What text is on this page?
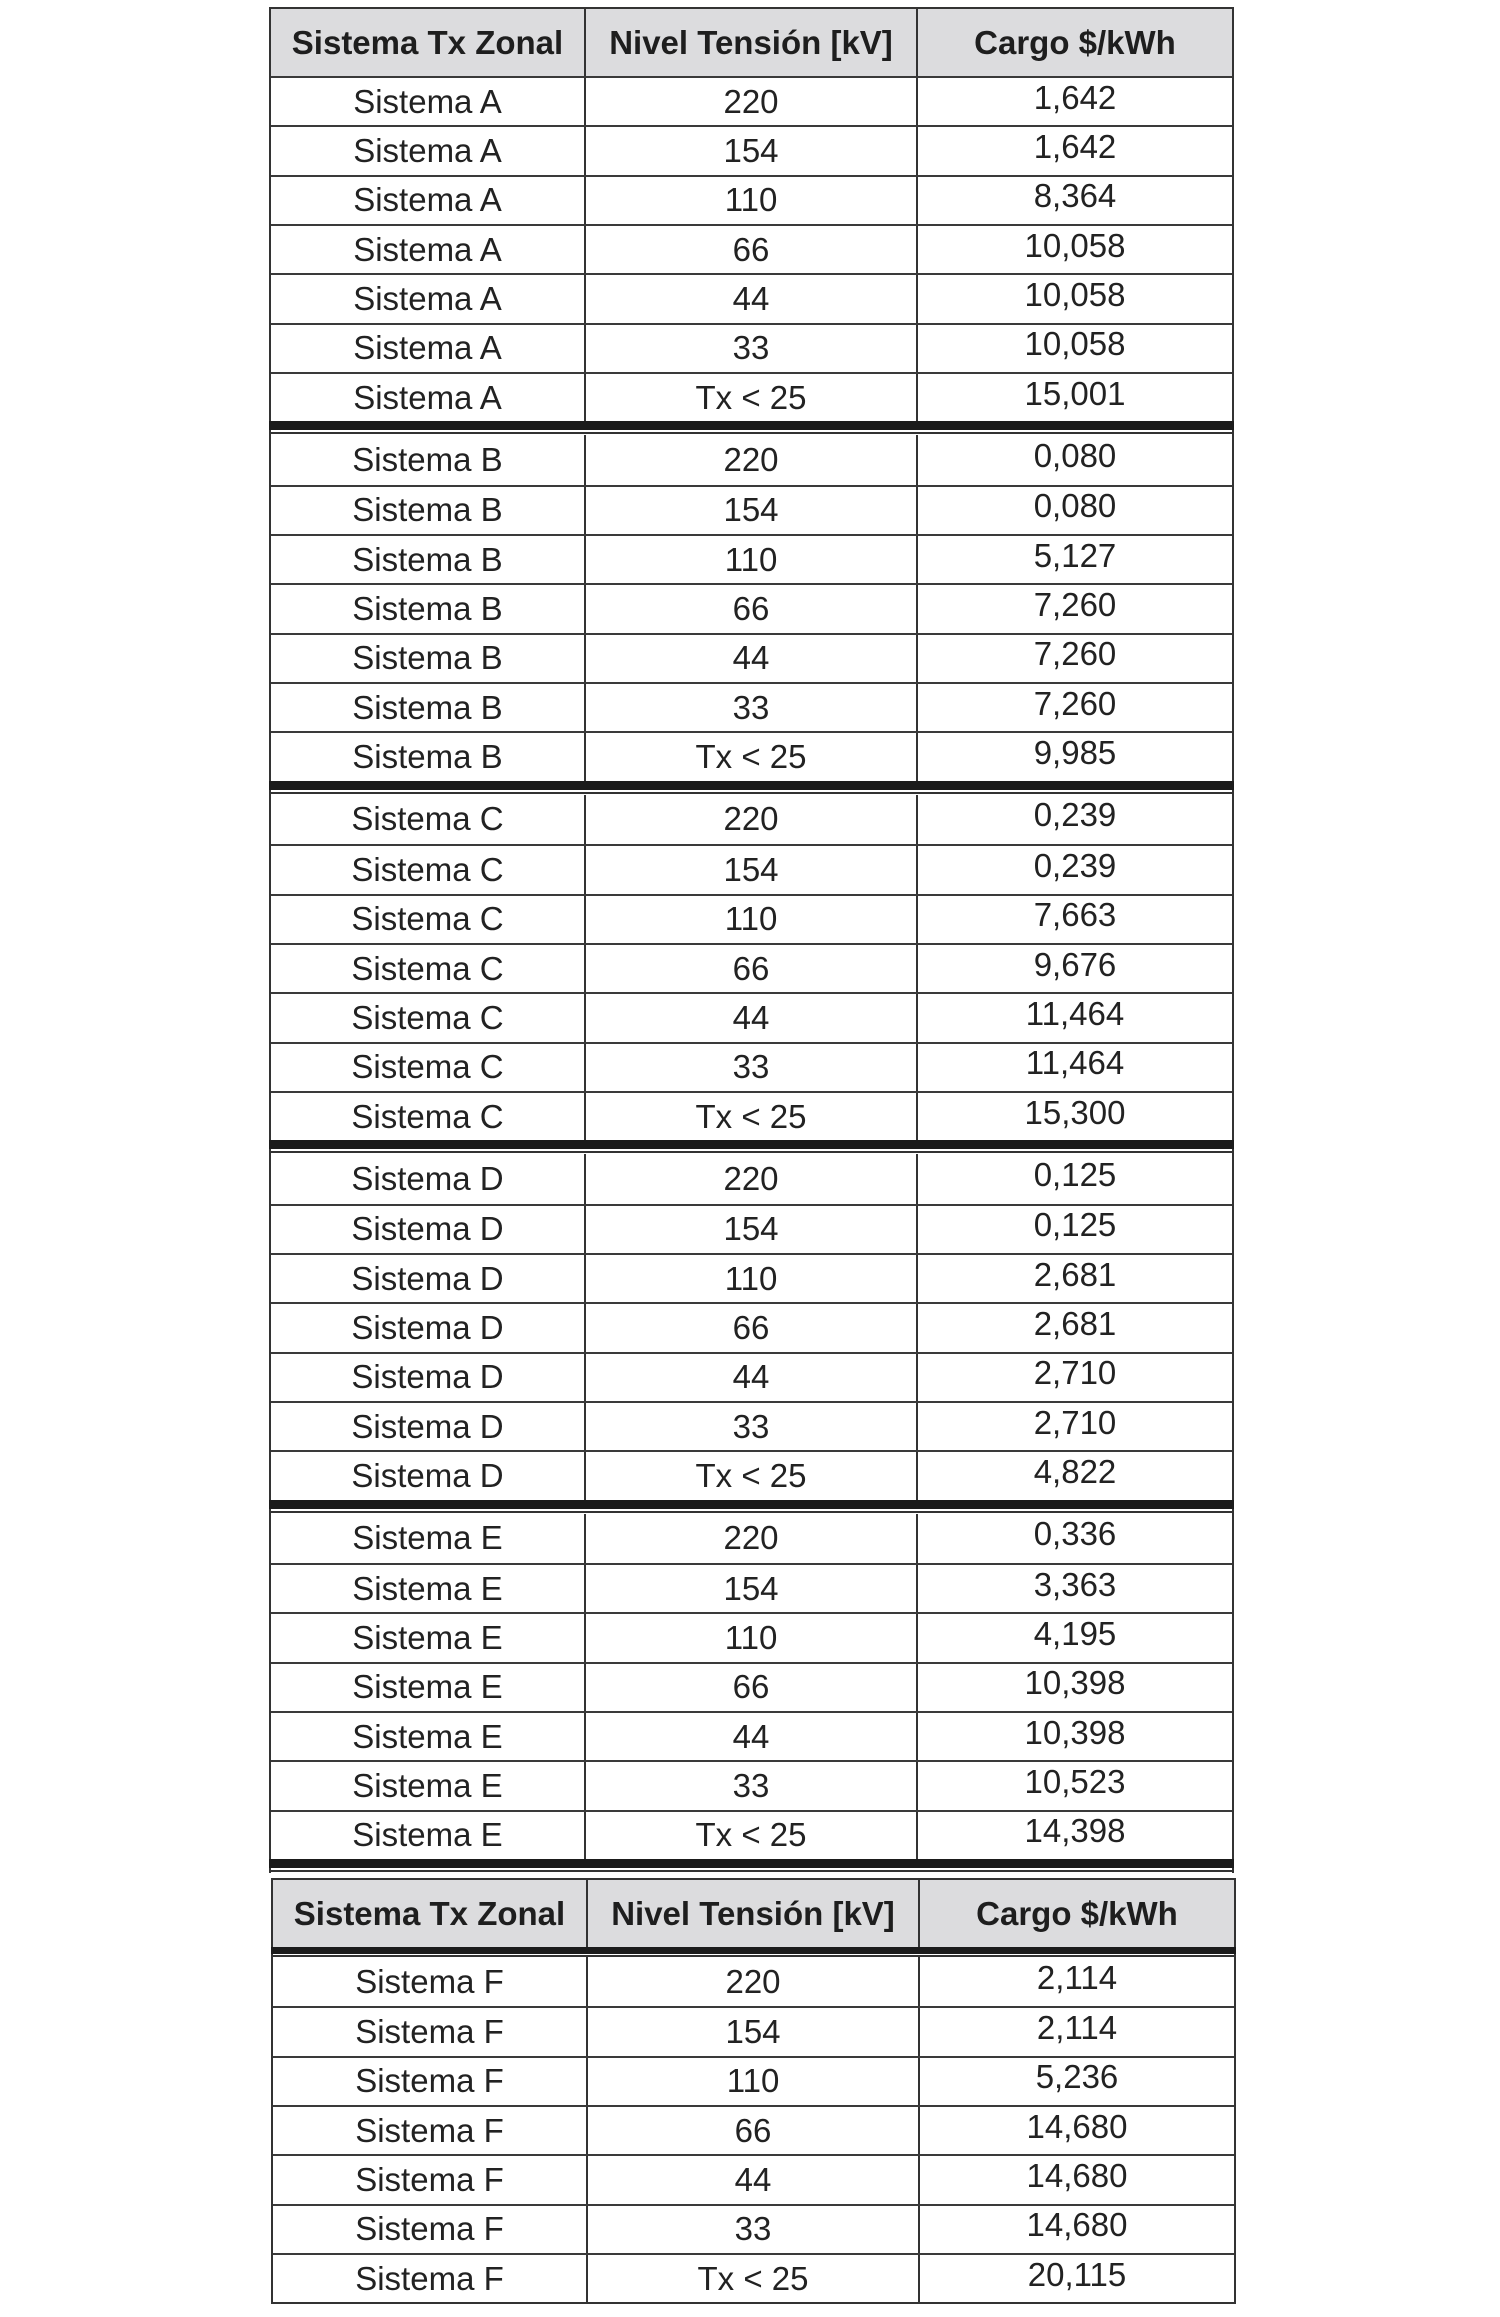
Sistema Tx Zonal	Nivel Tensión [kV]	Cargo $/kWh
Sistema A	220	1,642
Sistema A	154	1,642
Sistema A	110	8,364
Sistema A	66	10,058
Sistema A	44	10,058
Sistema A	33	10,058
Sistema A	Tx < 25	15,001
Sistema B	220	0,080
Sistema B	154	0,080
Sistema B	110	5,127
Sistema B	66	7,260
Sistema B	44	7,260
Sistema B	33	7,260
Sistema B	Tx < 25	9,985
Sistema C	220	0,239
Sistema C	154	0,239
Sistema C	110	7,663
Sistema C	66	9,676
Sistema C	44	11,464
Sistema C	33	11,464
Sistema C	Tx < 25	15,300
Sistema D	220	0,125
Sistema D	154	0,125
Sistema D	110	2,681
Sistema D	66	2,681
Sistema D	44	2,710
Sistema D	33	2,710
Sistema D	Tx < 25	4,822
Sistema E	220	0,336
Sistema E	154	3,363
Sistema E	110	4,195
Sistema E	66	10,398
Sistema E	44	10,398
Sistema E	33	10,523
Sistema E	Tx < 25	14,398
Sistema Tx Zonal	Nivel Tensión [kV]	Cargo $/kWh
Sistema F	220	2,114
Sistema F	154	2,114
Sistema F	110	5,236
Sistema F	66	14,680
Sistema F	44	14,680
Sistema F	33	14,680
Sistema F	Tx < 25	20,115
